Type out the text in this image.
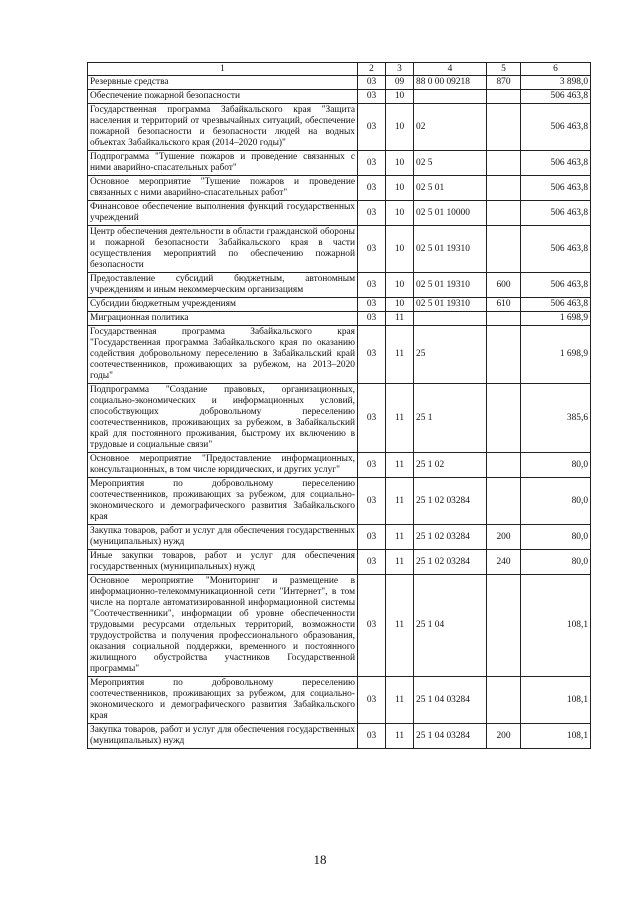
1	2	3	4	5	6
Резервные средства	03	09	88 0 00 09218	870	3 898,0
Обеспечение пожарной безопасности	03	10			506 463,8
Государственная программа Забайкальского края "Защита населения и территорий от чрезвычайных ситуаций, обеспечение пожарной безопасности и безопасности людей на водных объектах Забайкальского края (2014–2020 годы)"	03	10	02		506 463,8
Подпрограмма "Тушение пожаров и проведение связанных с ними аварийно-спасательных работ"	03	10	02 5		506 463,8
Основное мероприятие "Тушение пожаров и проведение связанных с ними аварийно-спасательных работ"	03	10	02 5 01		506 463,8
Финансовое обеспечение выполнения функций государственных учреждений	03	10	02 5 01 10000		506 463,8
Центр обеспечения деятельности в области гражданской обороны и пожарной безопасности Забайкальского края в части осуществления мероприятий по обеспечению пожарной безопасности	03	10	02 5 01 19310		506 463,8
Предоставление субсидий бюджетным, автономным учреждениям и иным некоммерческим организациям	03	10	02 5 01 19310	600	506 463,8
Субсидии бюджетным учреждениям	03	10	02 5 01 19310	610	506 463,8
Миграционная политика	03	11			1 698,9
Государственная программа Забайкальского края "Государственная программа Забайкальского края по оказанию содействия добровольному переселению в Забайкальский край соотечественников, проживающих за рубежом, на 2013–2020 годы"	03	11	25		1 698,9
Подпрограмма "Создание правовых, организационных, социально-экономических и информационных условий, способствующих добровольному переселению соотечественников, проживающих за рубежом, в Забайкальский край для постоянного проживания, быстрому их включению в трудовые и социальные связи"	03	11	25 1		385,6
Основное мероприятие "Предоставление информационных, консультационных, в том числе юридических, и других услуг"	03	11	25 1 02		80,0
Мероприятия по добровольному переселению соотечественников, проживающих за рубежом, для социально-экономического и демографического развития Забайкальского края	03	11	25 1 02 03284		80,0
Закупка товаров, работ и услуг для обеспечения государственных (муниципальных) нужд	03	11	25 1 02 03284	200	80,0
Иные закупки товаров, работ и услуг для обеспечения государственных (муниципальных) нужд	03	11	25 1 02 03284	240	80,0
Основное мероприятие "Мониторинг и размещение в информационно-телекоммуникационной сети "Интернет", в том числе на портале автоматизированной информационной системы "Соотечественники", информации об уровне обеспеченности трудовыми ресурсами отдельных территорий, возможности трудоустройства и получения профессионального образования, оказания социальной поддержки, временного и постоянного жилищного обустройства участников Государственной программы"	03	11	25 1 04		108,1
Мероприятия по добровольному переселению соотечественников, проживающих за рубежом, для социально-экономического и демографического развития Забайкальского края	03	11	25 1 04 03284		108,1
Закупка товаров, работ и услуг для обеспечения государственных (муниципальных) нужд	03	11	25 1 04 03284	200	108,1
18
